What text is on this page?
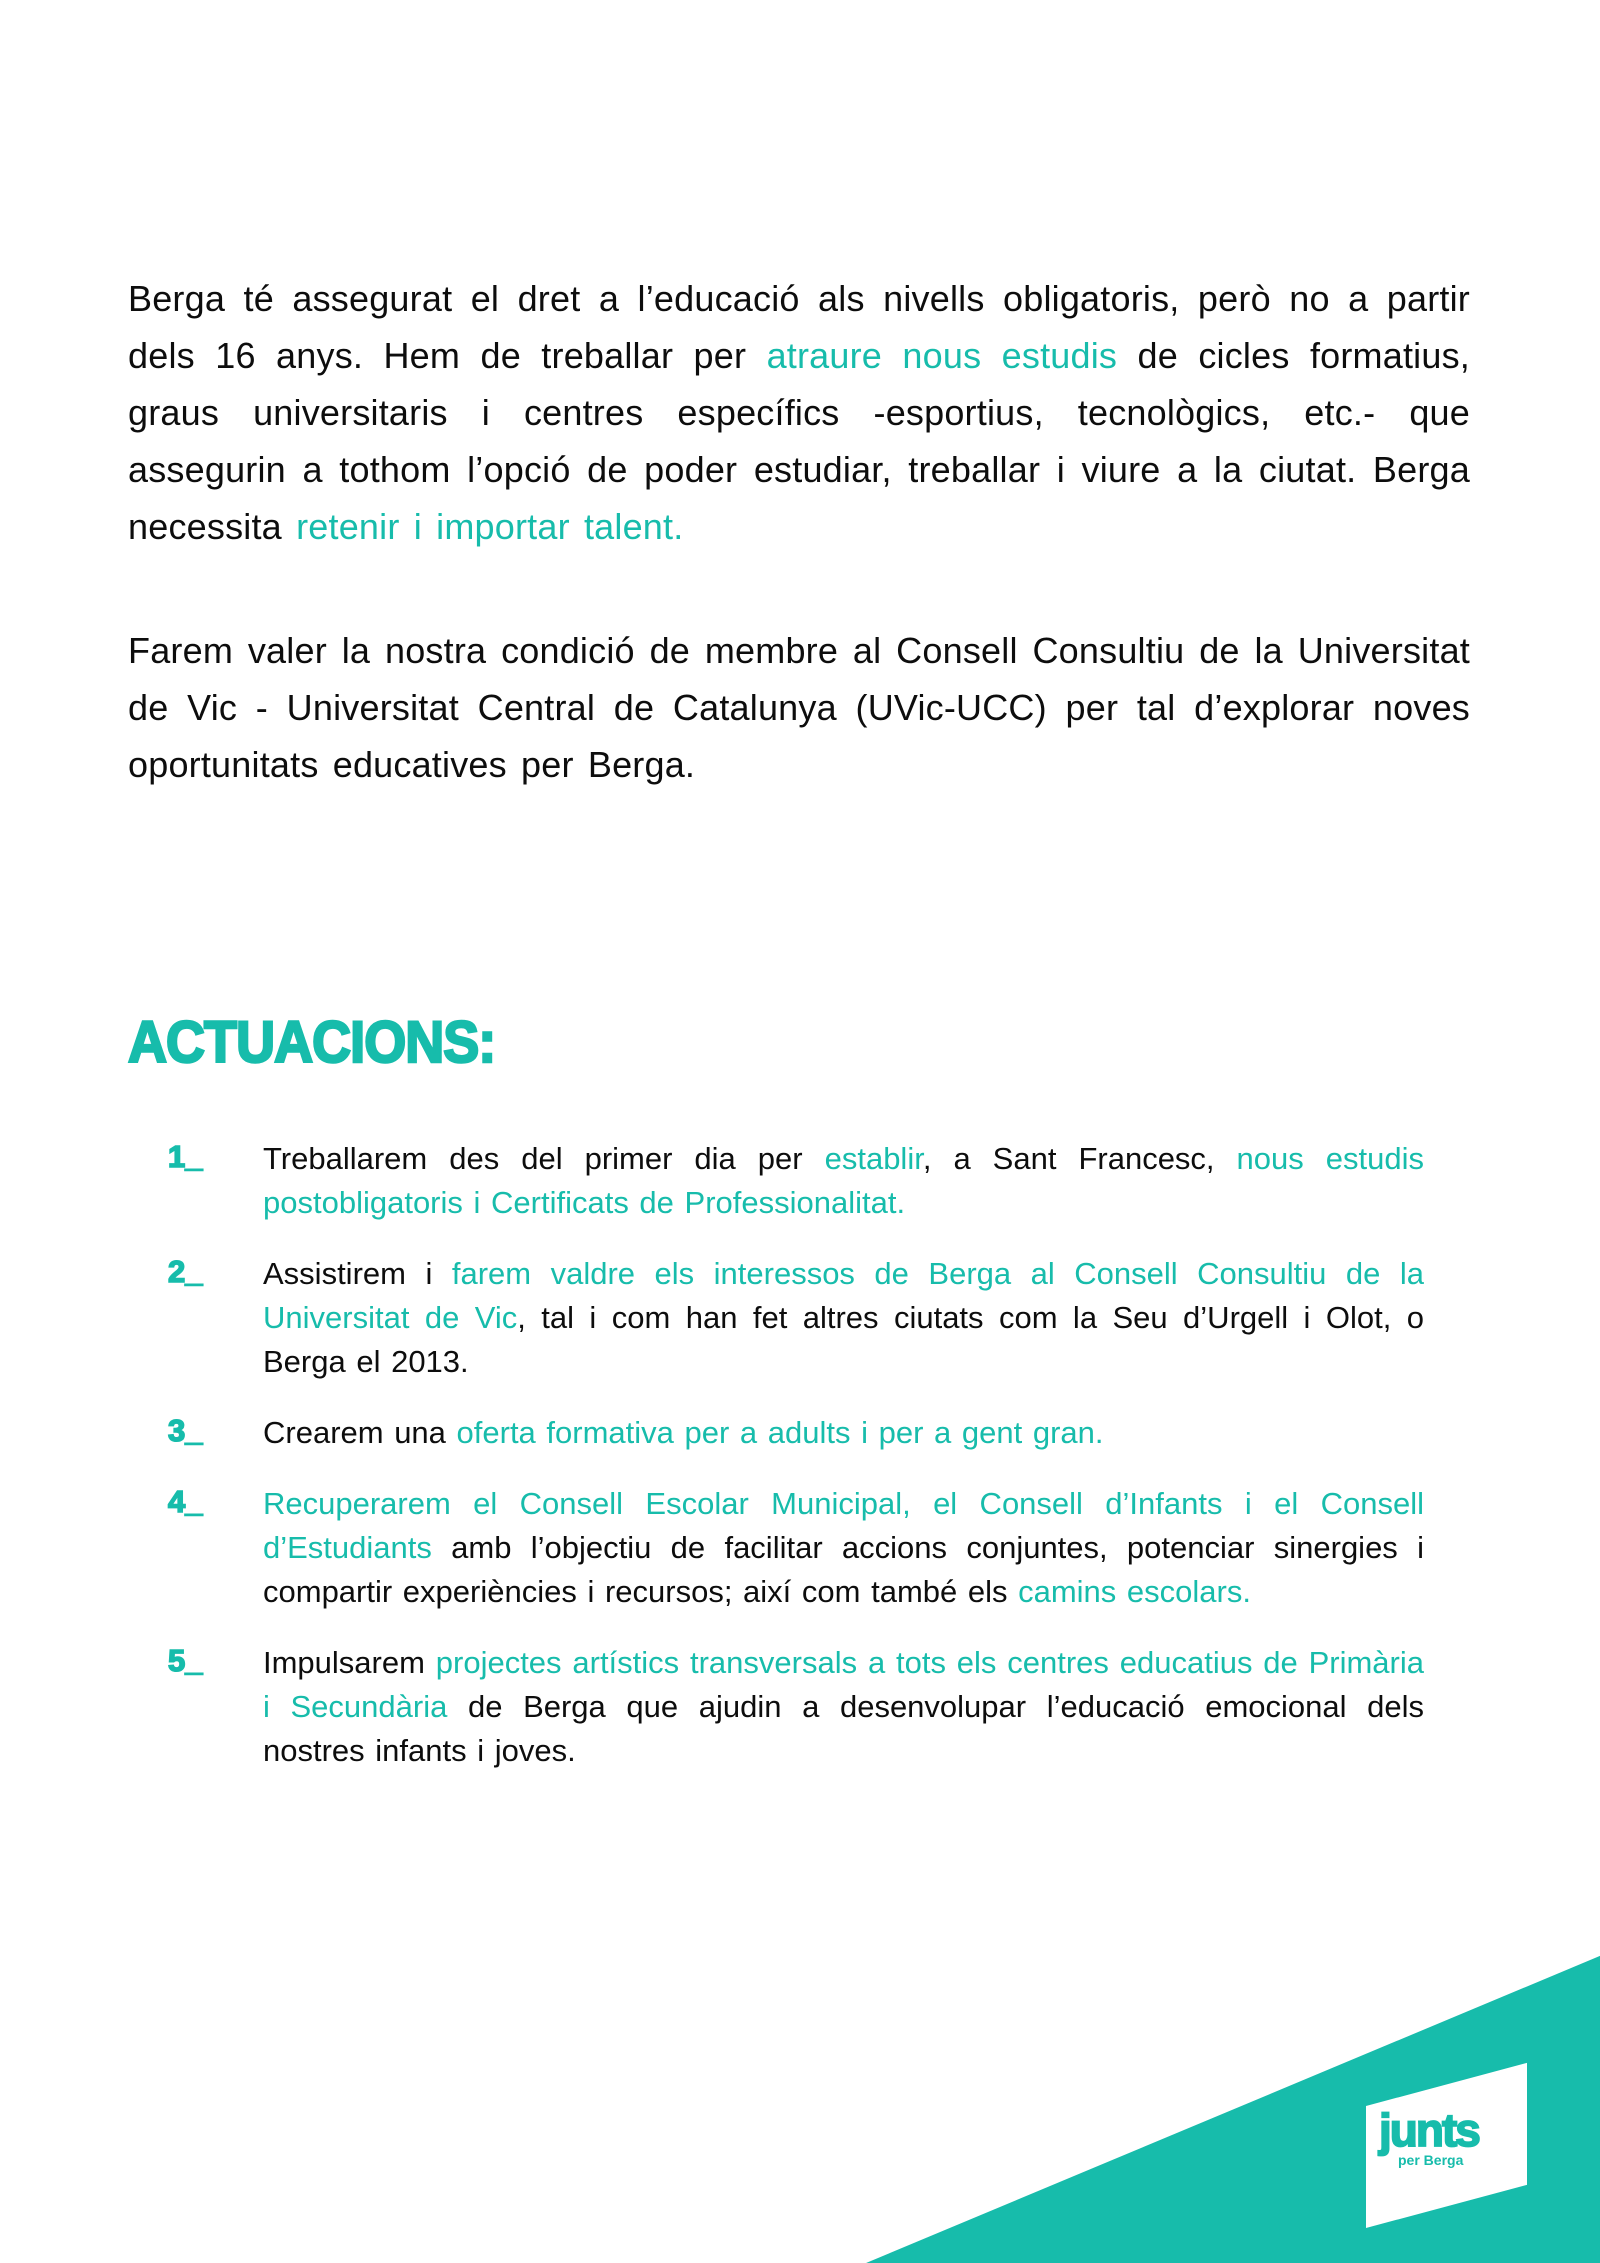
Berga té assegurat el dret a l’educació als nivells obligatoris, però no a partir dels 16 anys. Hem de treballar per atraure nous estudis de cicles formatius, graus universitaris i centres específics -esportius, tecnològics, etc.- que assegurin a tothom l’opció de poder estudiar, treballar i viure a la ciutat. Berga necessita retenir i importar talent.

Farem valer la nostra condició de membre al Consell Consultiu de la Universitat de Vic - Universitat Central de Catalunya (UVic-UCC) per tal d’explorar noves oportunitats educatives per Berga.

ACTUACIONS:
1_ Treballarem des del primer dia per establir, a Sant Francesc, nous estudis postobligatoris i Certificats de Professionalitat.
2_ Assistirem i farem valdre els interessos de Berga al Consell Consultiu de la Universitat de Vic, tal i com han fet altres ciutats com la Seu d’Urgell i Olot, o Berga el 2013.
3_ Crearem una oferta formativa per a adults i per a gent gran.
4_ Recuperarem el Consell Escolar Municipal, el Consell d’Infants i el Consell d’Estudiants amb l’objectiu de facilitar accions conjuntes, potenciar sinergies i compartir experiències i recursos; així com també els camins escolars.
5_ Impulsarem projectes artístics transversals a tots els centres educatius de Primària i Secundària de Berga que ajudin a desenvolupar l’educació emocional dels nostres infants i joves.
junts
per Berga
